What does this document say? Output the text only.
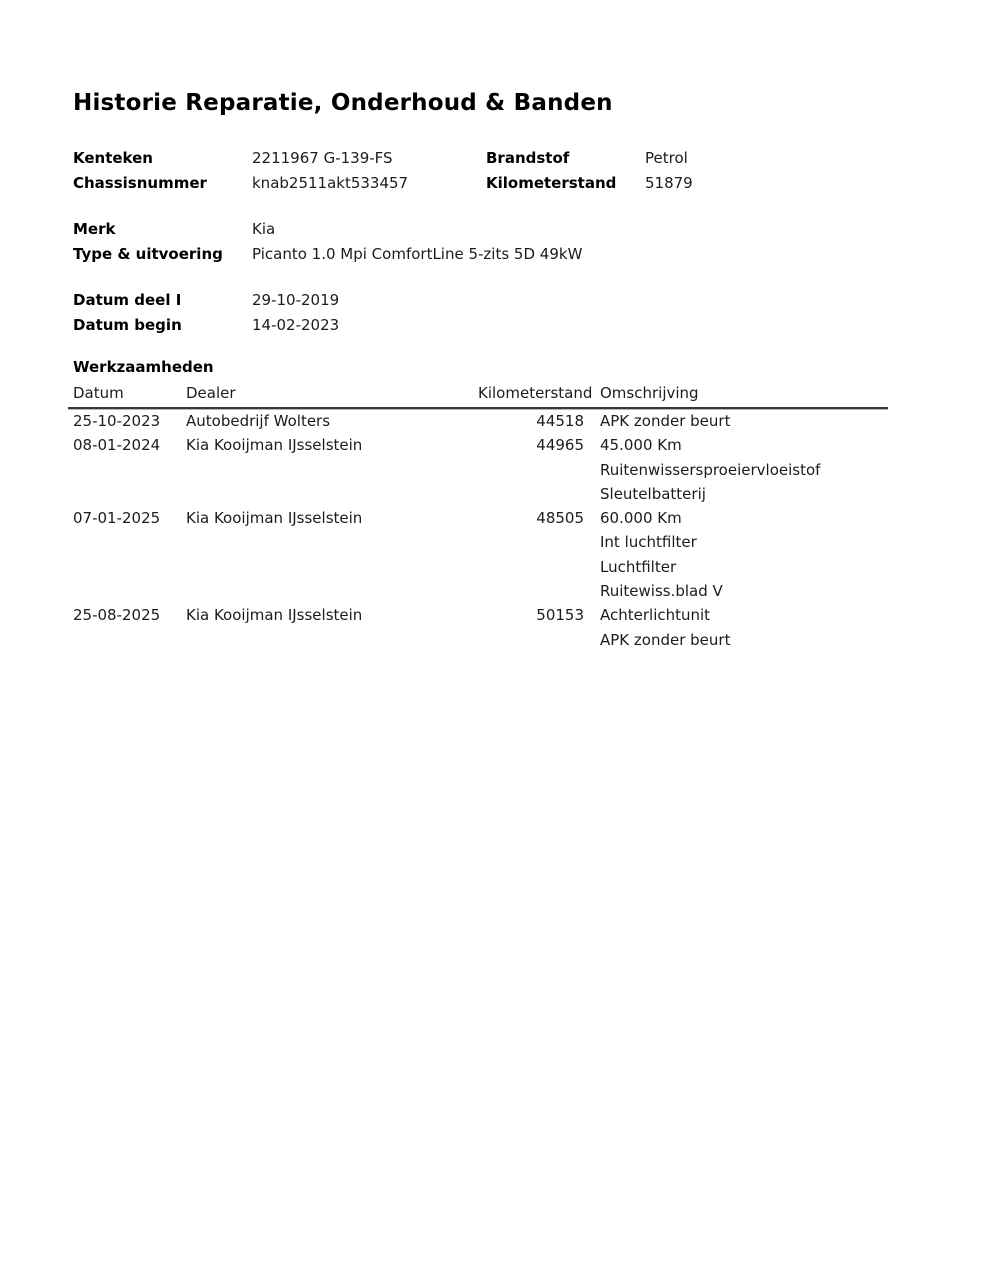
Historie Reparatie, Onderhoud & Banden
Kenteken	2211967 G-139-FS	Brandstof	Petrol
Chassisnummer	knab2511akt533457	Kilometerstand	51879
Merk	Kia
Type & uitvoering	Picanto 1.0 Mpi ComfortLine 5-zits 5D 49kW
Datum deel I	29-10-2019
Datum begin	14-02-2023
Werkzaamheden
Datum	Dealer	Kilometerstand Omschrijving
25-10-2023	Autobedrijf Wolters	44518	APK zonder beurt
08-01-2024	Kia Kooijman IJsselstein	44965	45.000 Km
Ruitenwissersproeiervloeistof
Sleutelbatterij
07-01-2025	Kia Kooijman IJsselstein	48505	60.000 Km
Int luchtfilter
Luchtfilter
Ruitewiss.blad V
25-08-2025	Kia Kooijman IJsselstein	50153	Achterlichtunit
APK zonder beurt
